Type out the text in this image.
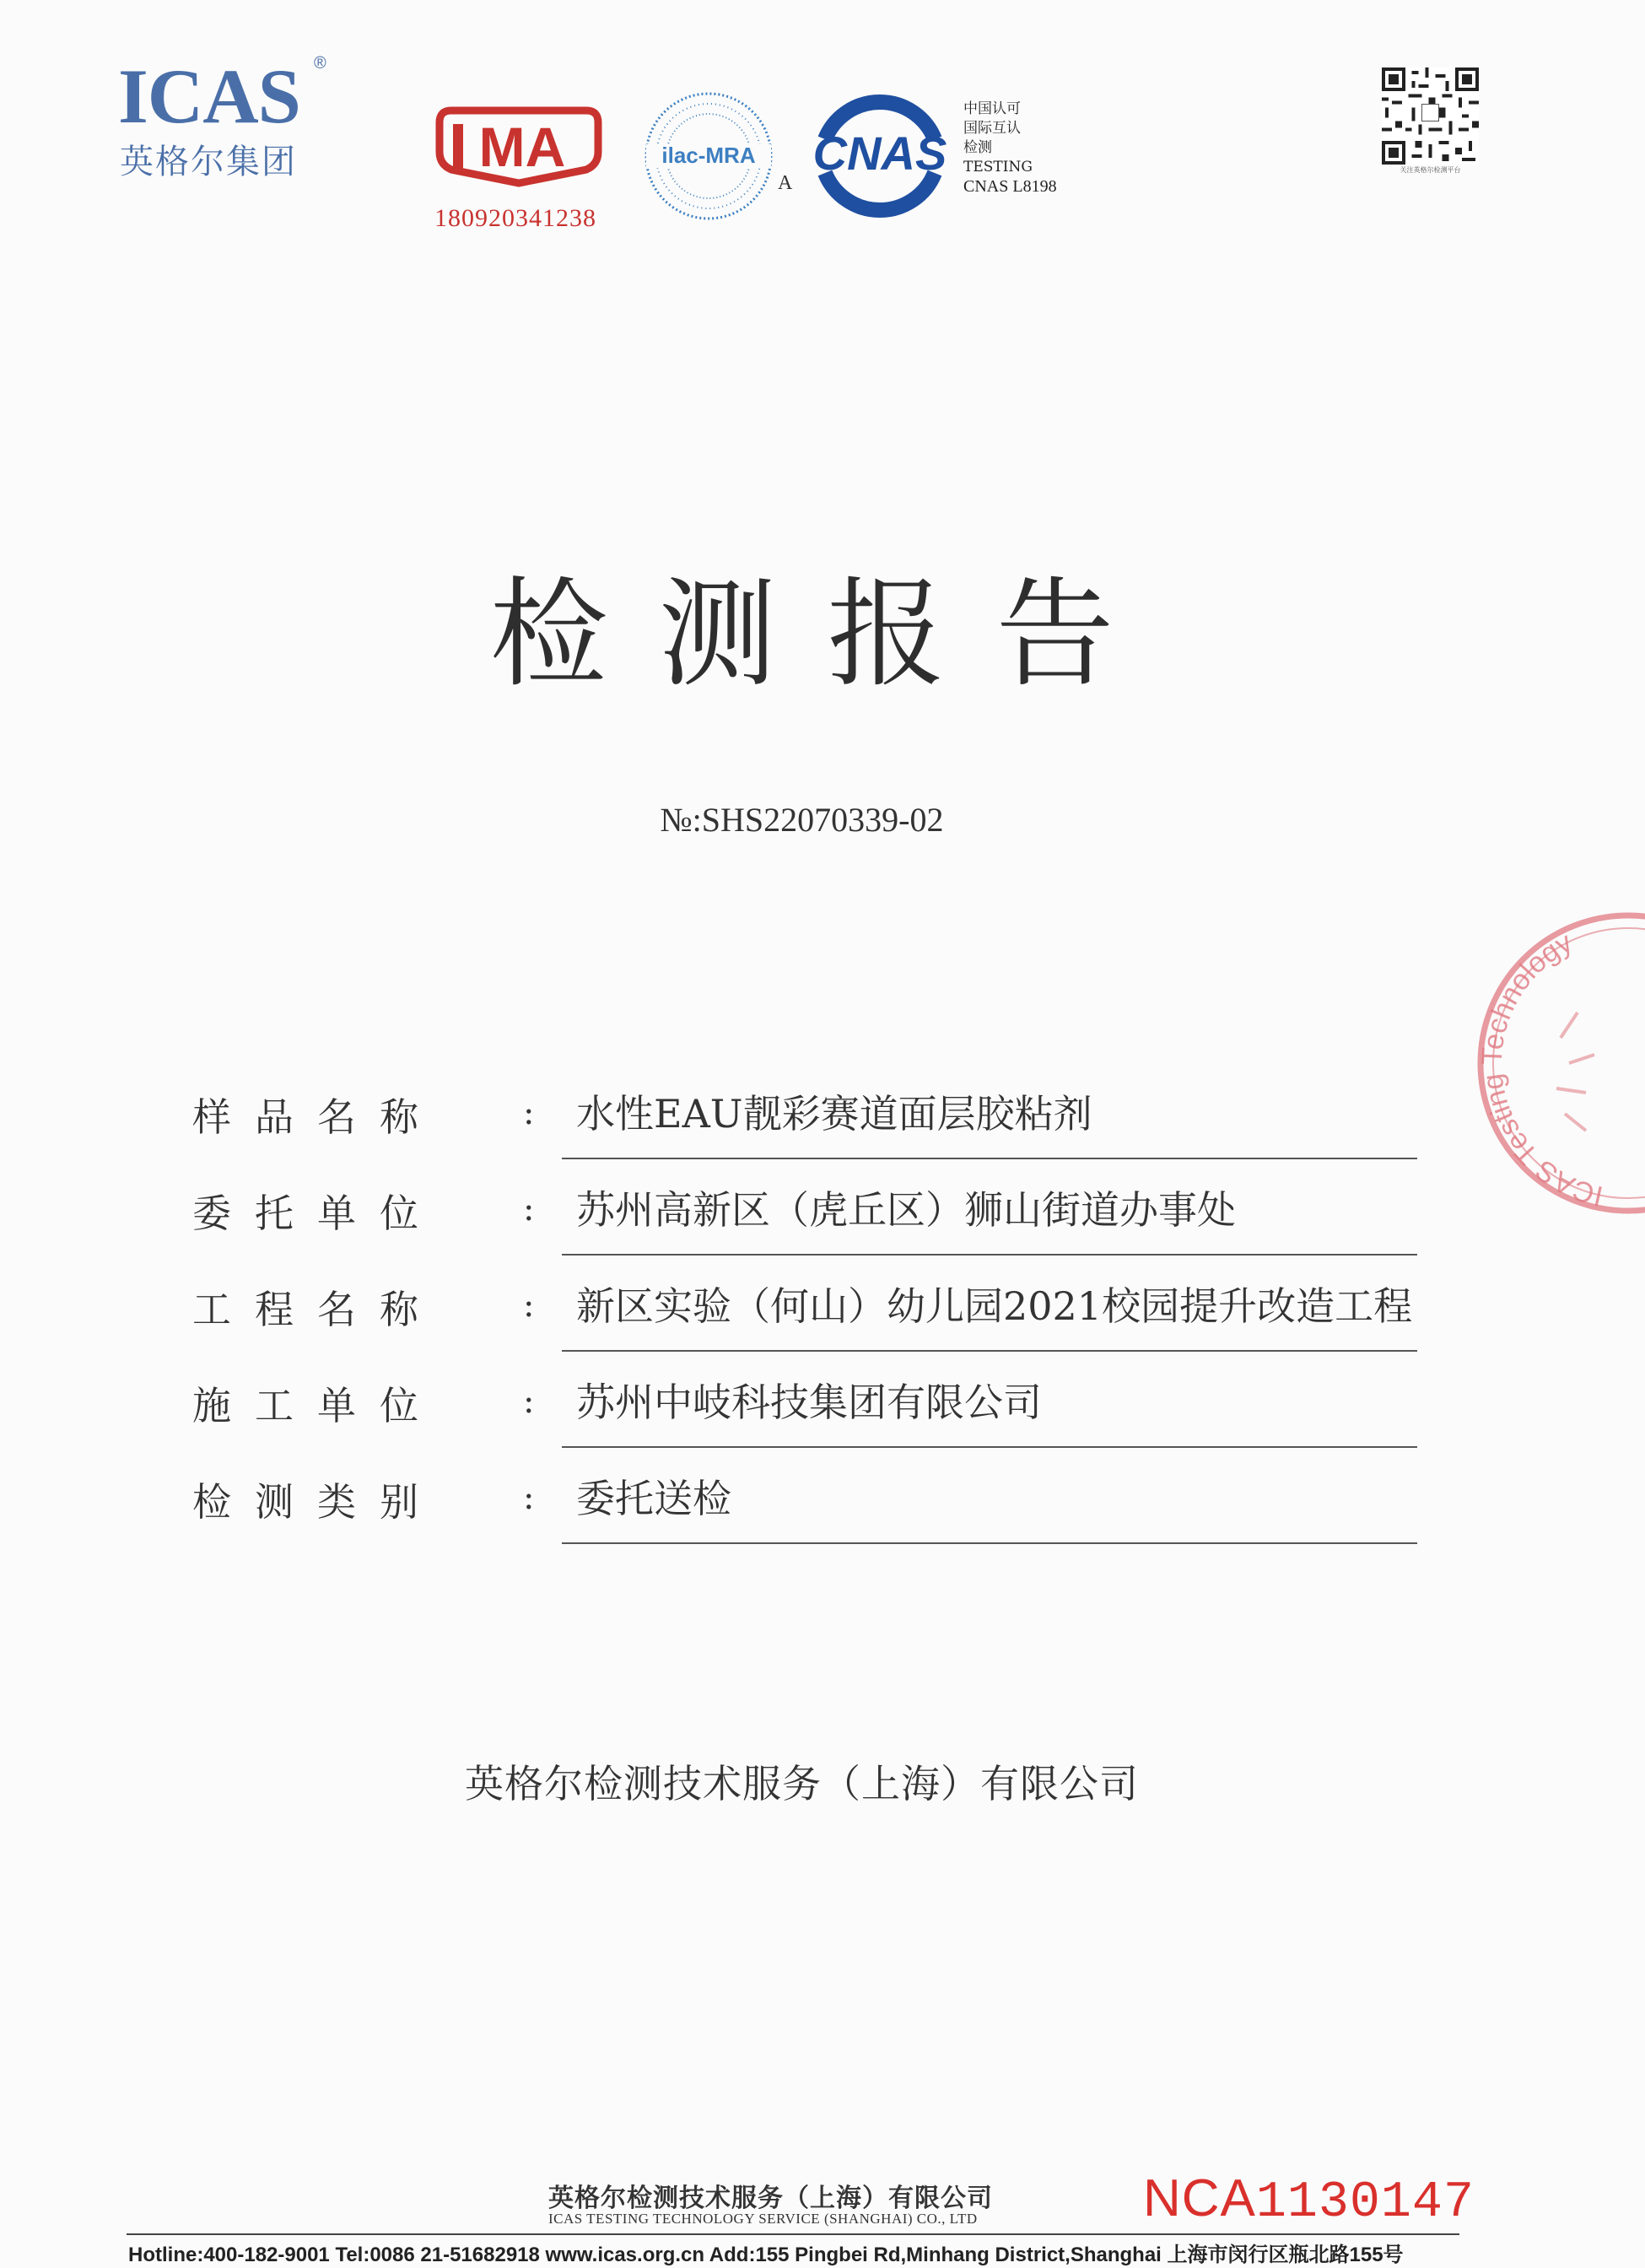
ICAS ®
英格尔集团	MA
180920341238
ilac-MRA
A
CNAS
中国认可
国际互认
检测
TESTING
CNAS L8198
关注英格尔检测平台
检测报告
№:SHS22070339-02
样 品 名 称	: 水性EAU靓彩赛道面层胶粘剂
委 托 单 位	: 苏州高新区（虎丘区）狮山街道办事处
工 程 名 称	: 新区实验（何山）幼儿园2021校园提升改造工程
施 工 单 位	: 苏州中岐科技集团有限公司
检 测 类 别	: 委托送检
英格尔检测技术服务（上海）有限公司
ICAS Testing Technology
英格尔检测技术服务（上海）有限公司
ICAS TESTING TECHNOLOGY SERVICE (SHANGHAI) CO., LTD	NCA1130147
Hotline:400-182-9001 Tel:0086 21-51682918 www.icas.org.cn Add:155 Pingbei Rd,Minhang District,Shanghai 上海市闵行区瓶北路155号
